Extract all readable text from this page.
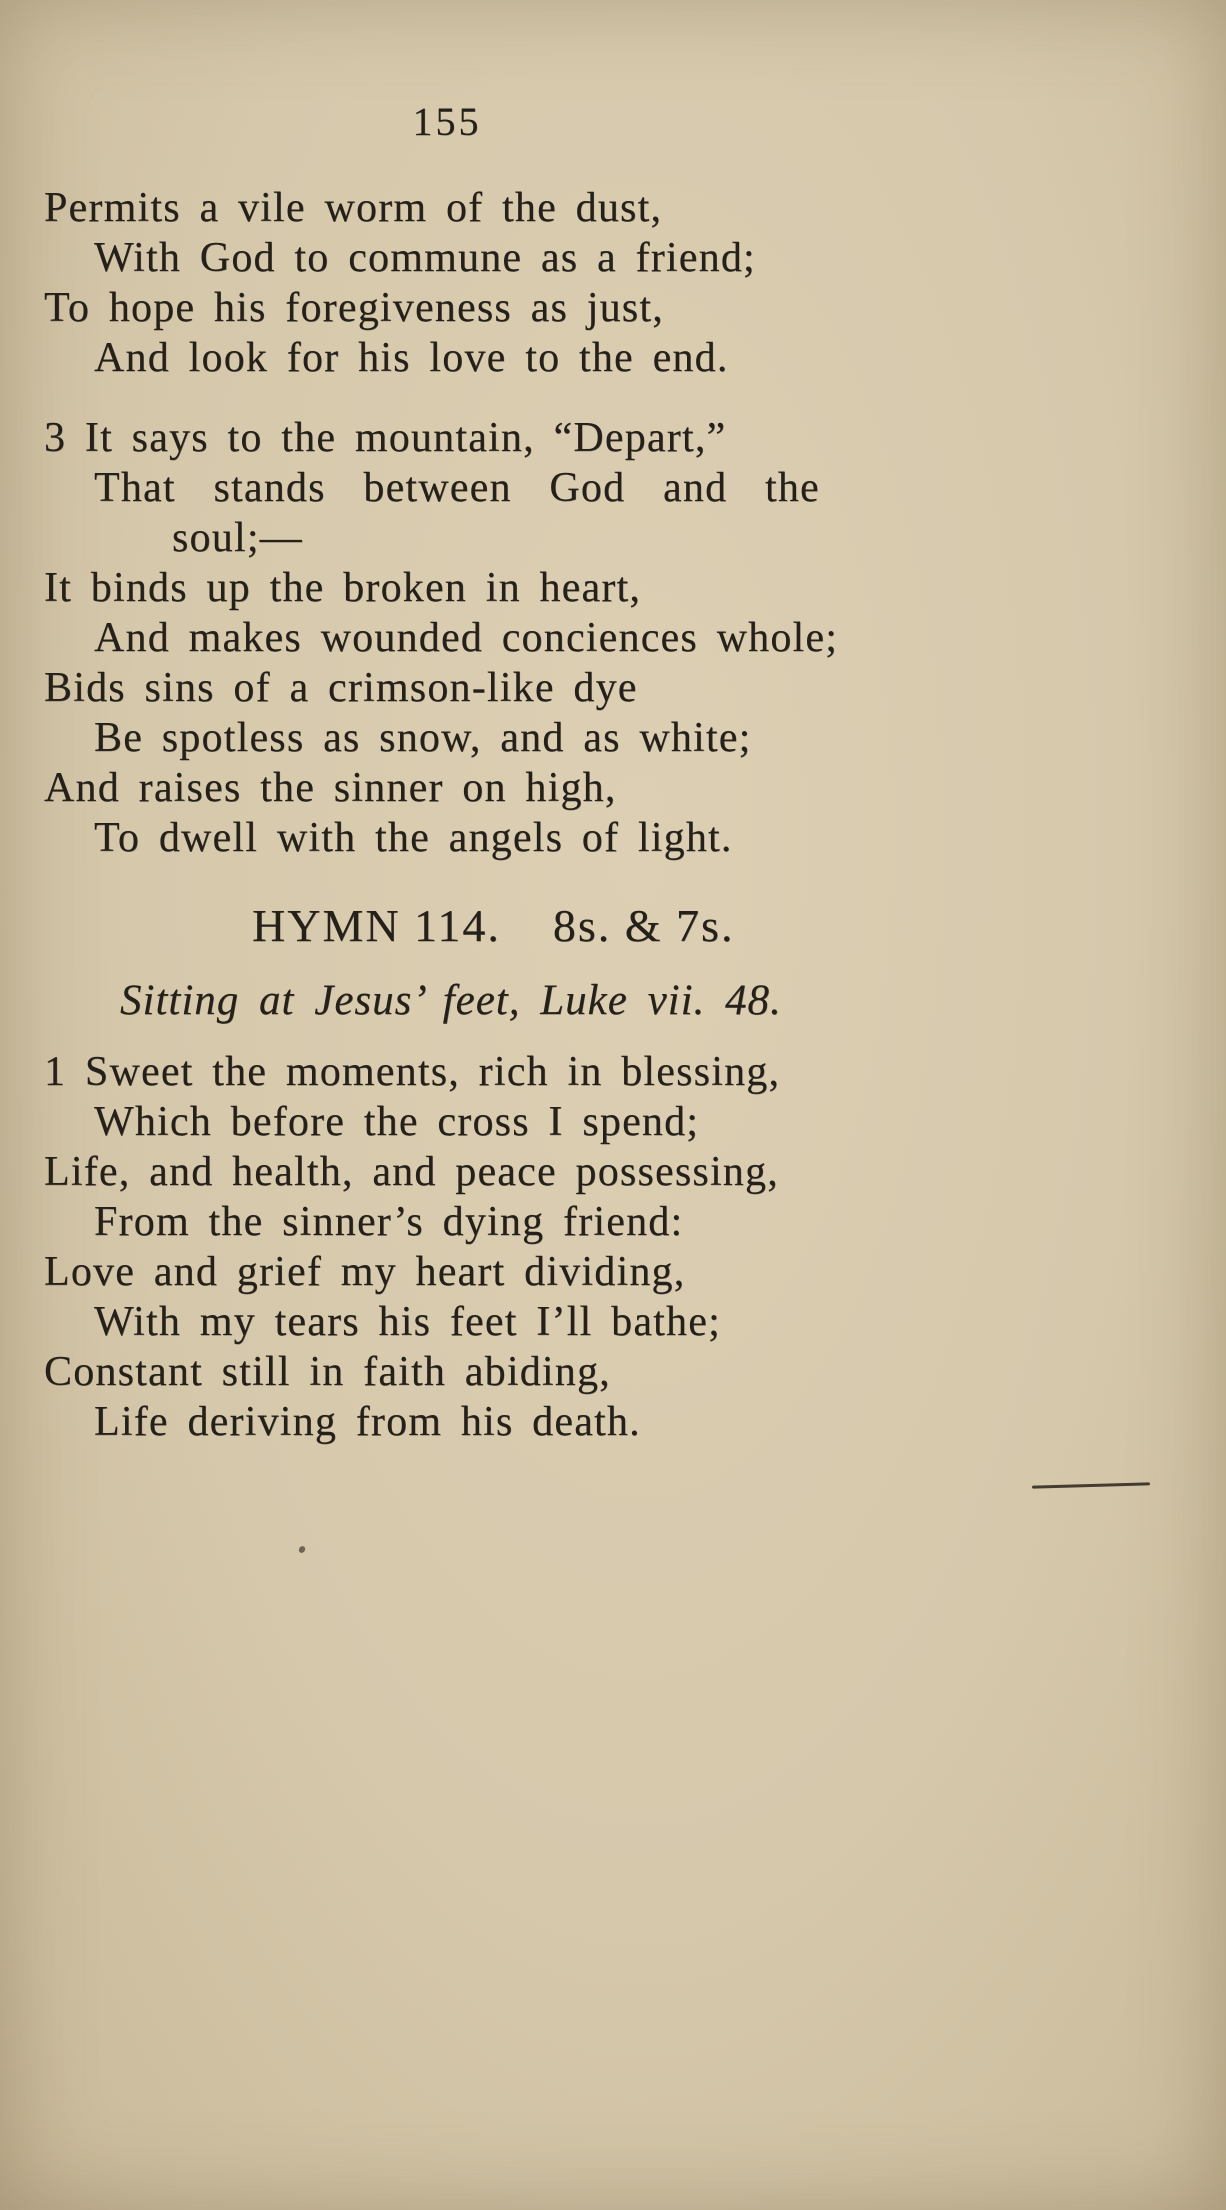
155
Permits a vile worm of the dust,
With God to commune as a friend;
To hope his foregiveness as just,
And look for his love to the end.
3 It says to the mountain, “Depart,”
That stands between God and the
soul;—
It binds up the broken in heart,
And makes wounded conciences whole;
Bids sins of a crimson-like dye
Be spotless as snow, and as white;
And raises the sinner on high,
To dwell with the angels of light.
HYMN 114. 8s. & 7s.
Sitting at Jesus’ feet, Luke vii. 48.
1 Sweet the moments, rich in blessing,
Which before the cross I spend;
Life, and health, and peace possessing,
From the sinner’s dying friend:
Love and grief my heart dividing,
With my tears his feet I’ll bathe;
Constant still in faith abiding,
Life deriving from his death.
